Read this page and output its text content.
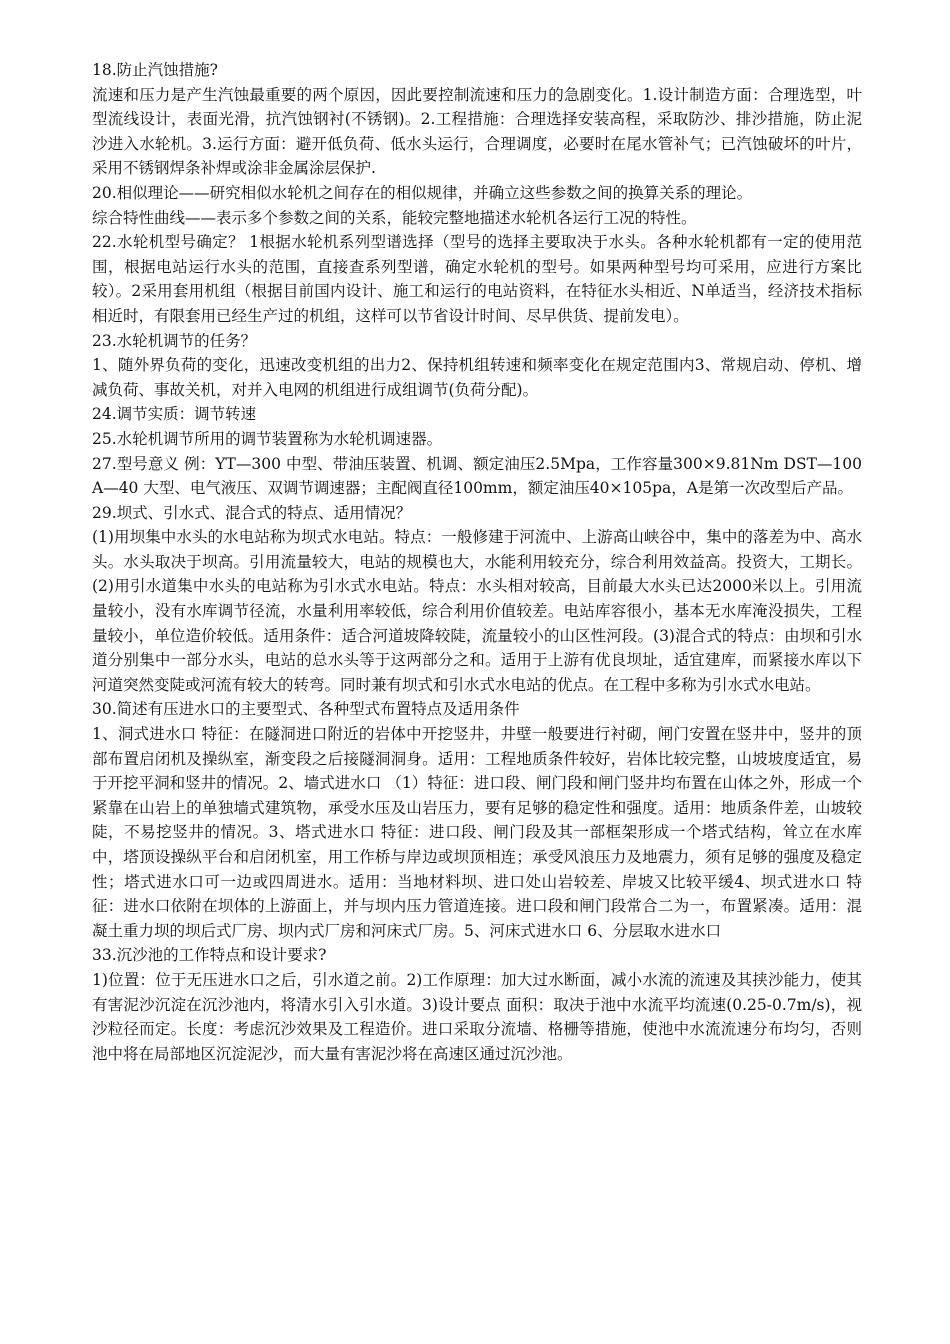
18.防止汽蚀措施?

流速和压力是产生汽蚀最重要的两个原因，因此要控制流速和压力的急剧变化。1.设计制造方面：合理选型，叶型流线设计，表面光滑，抗汽蚀钢衬(不锈钢)。2.工程措施：合理选择安装高程，采取防沙、排沙措施，防止泥沙进入水轮机。3.运行方面：避开低负荷、低水头运行，合理调度，必要时在尾水管补气；已汽蚀破坏的叶片，采用不锈钢焊条补焊或涂非金属涂层保护.

20.相似理论——研究相似水轮机之间存在的相似规律，并确立这些参数之间的换算关系的理论。

综合特性曲线——表示多个参数之间的关系，能较完整地描述水轮机各运行工况的特性。

22.水轮机型号确定？ 1根据水轮机系列型谱选择（型号的选择主要取决于水头。各种水轮机都有一定的使用范围，根据电站运行水头的范围，直接查系列型谱，确定水轮机的型号。如果两种型号均可采用，应进行方案比较）。2采用套用机组（根据目前国内设计、施工和运行的电站资料，在特征水头相近、N单适当，经济技术指标相近时，有限套用已经生产过的机组，这样可以节省设计时间、尽早供货、提前发电）。

23.水轮机调节的任务？

1、随外界负荷的变化，迅速改变机组的出力2、保持机组转速和频率变化在规定范围内3、常规启动、停机、增减负荷、事故关机，对并入电网的机组进行成组调节(负荷分配)。

24.调节实质：调节转速

25.水轮机调节所用的调节装置称为水轮机调速器。

27.型号意义 例：YT—300 中型、带油压装置、机调、额定油压2.5Mpa，工作容量300×9.81Nm DST—100A—40 大型、电气液压、双调节调速器；主配阀直径100mm，额定油压40×105pa，A是第一次改型后产品。

29.坝式、引水式、混合式的特点、适用情况？

(1)用坝集中水头的水电站称为坝式水电站。特点：一般修建于河流中、上游高山峡谷中，集中的落差为中、高水头。水头取决于坝高。引用流量较大，电站的规模也大，水能利用较充分，综合利用效益高。投资大，工期长。(2)用引水道集中水头的电站称为引水式水电站。特点：水头相对较高，目前最大水头已达2000米以上。引用流量较小，没有水库调节径流，水量利用率较低，综合利用价值较差。电站库容很小，基本无水库淹没损失，工程量较小，单位造价较低。适用条件：适合河道坡降较陡，流量较小的山区性河段。(3)混合式的特点：由坝和引水道分别集中一部分水头，电站的总水头等于这两部分之和。适用于上游有优良坝址，适宜建库，而紧接水库以下河道突然变陡或河流有较大的转弯。同时兼有坝式和引水式水电站的优点。在工程中多称为引水式水电站。

30.简述有压进水口的主要型式、各种型式布置特点及适用条件

1、洞式进水口 特征：在隧洞进口附近的岩体中开挖竖井，井壁一般要进行衬砌，闸门安置在竖井中，竖井的顶部布置启闭机及操纵室，渐变段之后接隧洞洞身。适用：工程地质条件较好，岩体比较完整，山坡坡度适宜，易于开挖平洞和竖井的情况。2、墙式进水口 （1）特征：进口段、闸门段和闸门竖井均布置在山体之外，形成一个紧靠在山岩上的单独墙式建筑物，承受水压及山岩压力，要有足够的稳定性和强度。适用：地质条件差，山坡较陡，不易挖竖井的情况。3、塔式进水口 特征：进口段、闸门段及其一部框架形成一个塔式结构，耸立在水库中，塔顶设操纵平台和启闭机室，用工作桥与岸边或坝顶相连；承受风浪压力及地震力，须有足够的强度及稳定性；塔式进水口可一边或四周进水。适用：当地材料坝、进口处山岩较差、岸坡又比较平缓4、坝式进水口 特征：进水口依附在坝体的上游面上，并与坝内压力管道连接。进口段和闸门段常合二为一，布置紧凑。适用：混凝土重力坝的坝后式厂房、坝内式厂房和河床式厂房。5、河床式进水口 6、分层取水进水口

33.沉沙池的工作特点和设计要求?

1)位置：位于无压进水口之后，引水道之前。2)工作原理：加大过水断面，减小水流的流速及其挟沙能力，使其有害泥沙沉淀在沉沙池内，将清水引入引水道。3)设计要点 面积：取决于池中水流平均流速(0.25-0.7m/s)，视沙粒径而定。长度：考虑沉沙效果及工程造价。进口采取分流墙、格栅等措施，使池中水流流速分布均匀，否则池中将在局部地区沉淀泥沙，而大量有害泥沙将在高速区通过沉沙池。
